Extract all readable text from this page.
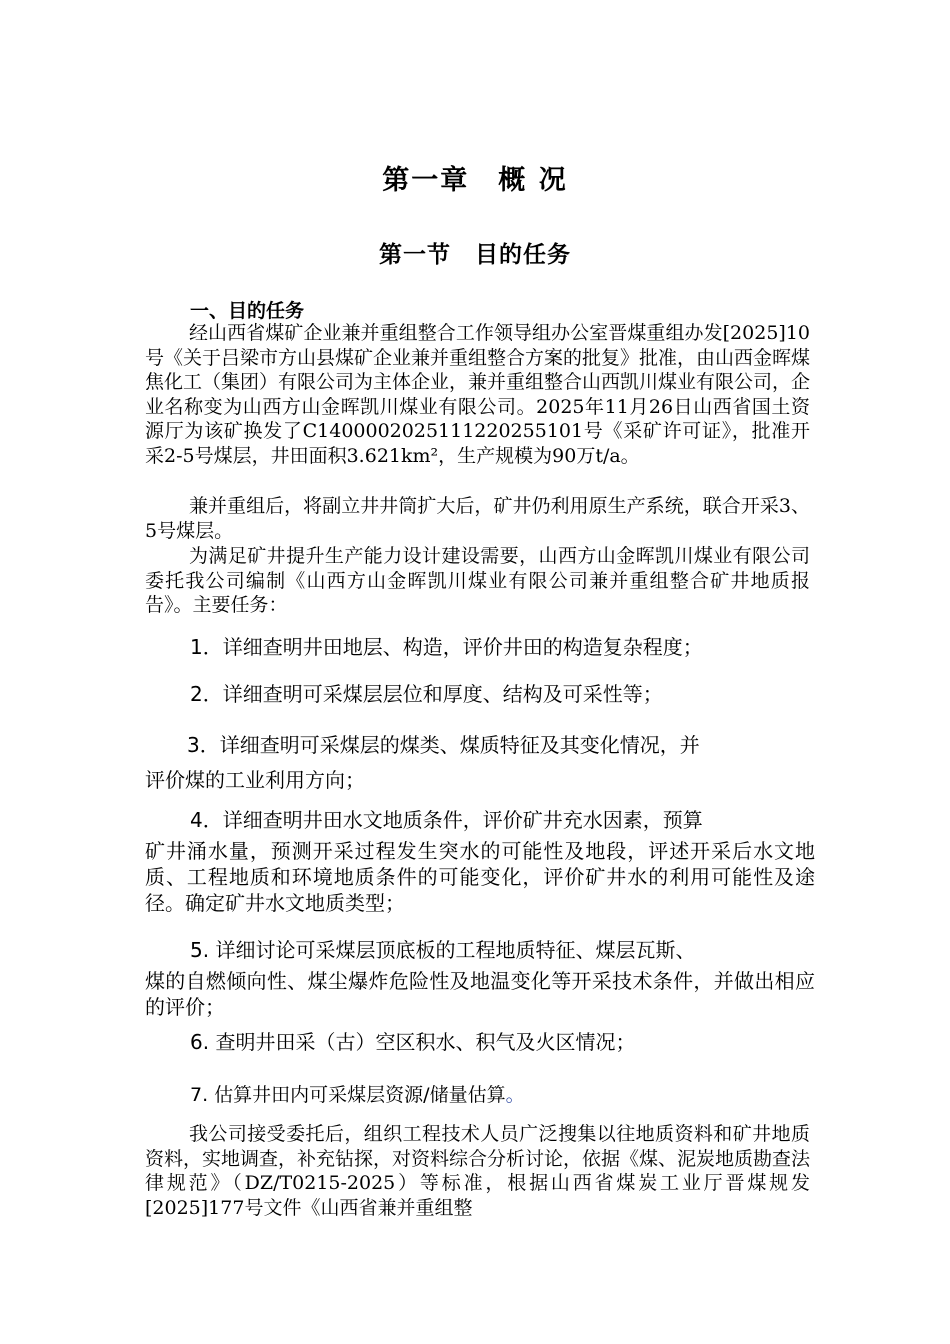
第一章　概 况
第一节　目的任务
一、目的任务
经山西省煤矿企业兼并重组整合工作领导组办公室晋煤重组办发[2025]10号《关于吕梁市方山县煤矿企业兼并重组整合方案的批复》批准，由山西金晖煤焦化工（集团）有限公司为主体企业，兼并重组整合山西凯川煤业有限公司，企业名称变为山西方山金晖凯川煤业有限公司。2025年11月26日山西省国土资源厅为该矿换发了C1400002025111220255101号《采矿许可证》，批准开采2-5号煤层，井田面积3.621km²，生产规模为90万t/a。
兼并重组后，将副立井井筒扩大后，矿井仍利用原生产系统，联合开采3、5号煤层。
为满足矿井提升生产能力设计建设需要，山西方山金晖凯川煤业有限公司委托我公司编制《山西方山金晖凯川煤业有限公司兼并重组整合矿井地质报告》。主要任务：
1．详细查明井田地层、构造，评价井田的构造复杂程度；
2．详细查明可采煤层层位和厚度、结构及可采性等；
3．详细查明可采煤层的煤类、煤质特征及其变化情况，并
评价煤的工业利用方向；
4．详细查明井田水文地质条件，评价矿井充水因素，预算
矿井涌水量，预测开采过程发生突水的可能性及地段，评述开采后水文地质、工程地质和环境地质条件的可能变化，评价矿井水的利用可能性及途径。确定矿井水文地质类型；
5. 详细讨论可采煤层顶底板的工程地质特征、煤层瓦斯、
煤的自燃倾向性、煤尘爆炸危险性及地温变化等开采技术条件，并做出相应的评价；
6. 查明井田采（古）空区积水、积气及火区情况；
7. 估算井田内可采煤层资源/储量估算。
我公司接受委托后，组织工程技术人员广泛搜集以往地质资料和矿井地质资料，实地调查，补充钻探，对资料综合分析讨论，依据《煤、泥炭地质勘查法律规范》（DZ/T0215-2025）等标准，根据山西省煤炭工业厅晋煤规发[2025]177号文件《山西省兼并重组整
